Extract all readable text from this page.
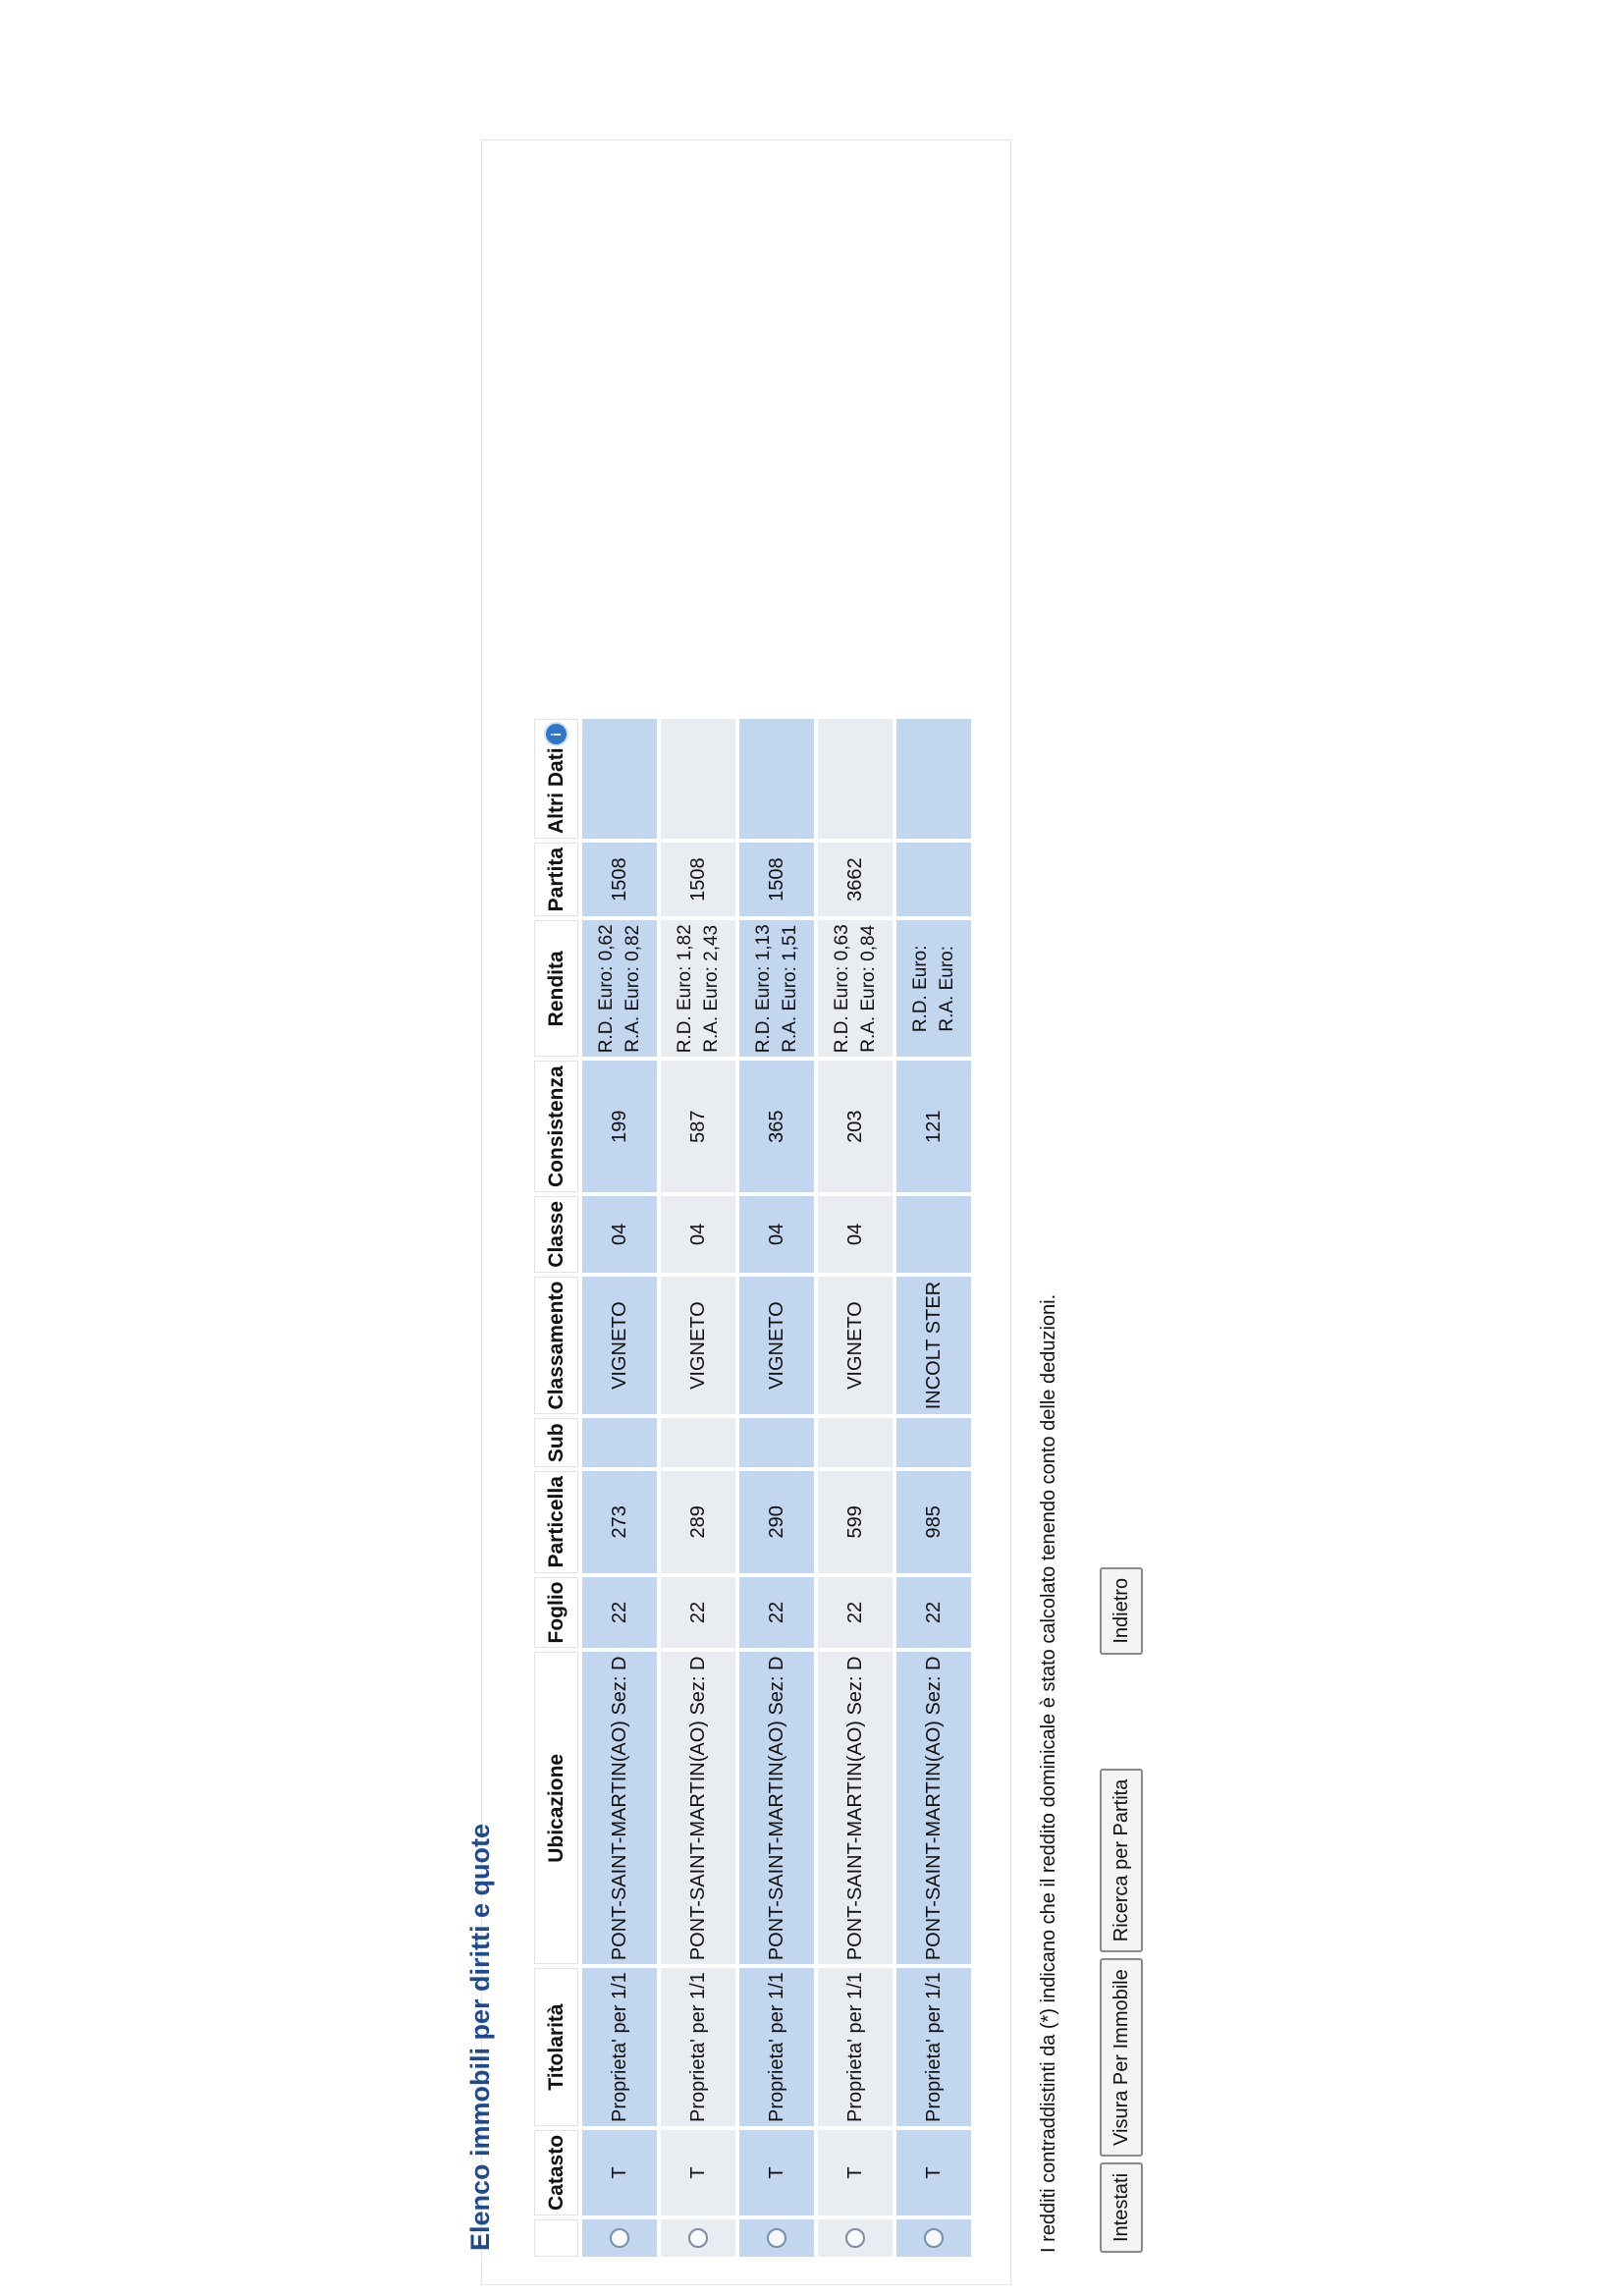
Elenco immobili per diritti e quote
	Catasto	Titolarità	Ubicazione	Foglio	Particella	Sub	Classamento	Classe	Consistenza	Rendita	Partita	Altri Datii
	T	Proprieta' per 1/1	PONT-SAINT-MARTIN(AO) Sez: D	22	273		VIGNETO	04	199	R.D. Euro: 0,62 R.A. Euro: 0,82	1508	
	T	Proprieta' per 1/1	PONT-SAINT-MARTIN(AO) Sez: D	22	289		VIGNETO	04	587	R.D. Euro: 1,82 R.A. Euro: 2,43	1508	
	T	Proprieta' per 1/1	PONT-SAINT-MARTIN(AO) Sez: D	22	290		VIGNETO	04	365	R.D. Euro: 1,13 R.A. Euro: 1,51	1508	
	T	Proprieta' per 1/1	PONT-SAINT-MARTIN(AO) Sez: D	22	599		VIGNETO	04	203	R.D. Euro: 0,63 R.A. Euro: 0,84	3662	
	T	Proprieta' per 1/1	PONT-SAINT-MARTIN(AO) Sez: D	22	985		INCOLT STER		121	R.D. Euro: R.A. Euro:		

I redditi contraddistinti da (*) indicano che il reddito dominicale è stato calcolato tenendo conto delle deduzioni.	Intestati
Visura Per Immobile
Ricerca per Partita
Indietro
